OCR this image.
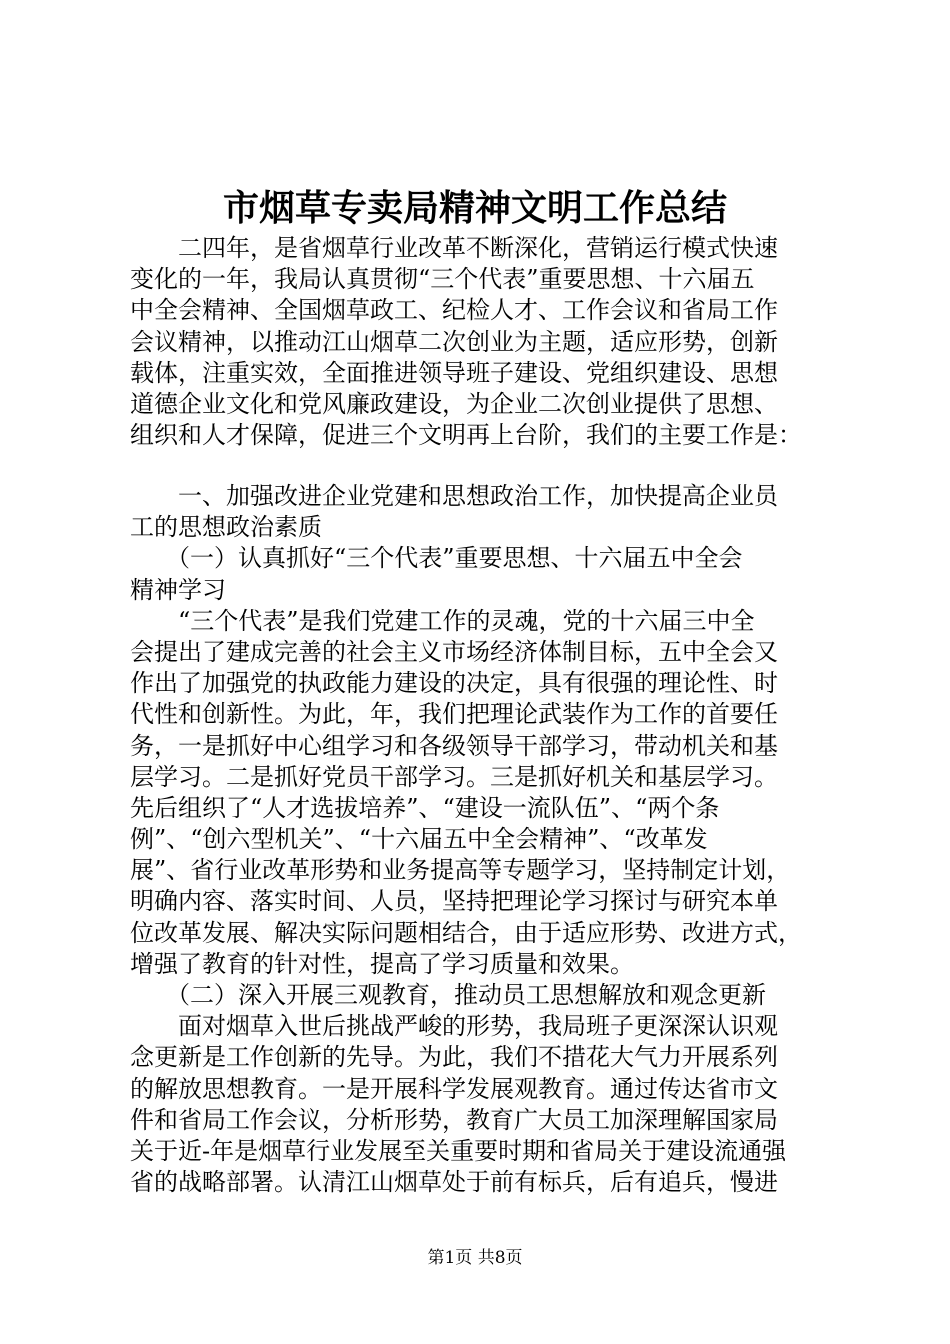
市烟草专卖局精神文明工作总结
　　二四年，是省烟草行业改革不断深化，营销运行模式快速
变化的一年，我局认真贯彻“三个代表”重要思想、十六届五
中全会精神、全国烟草政工、纪检人才、工作会议和省局工作
会议精神，以推动江山烟草二次创业为主题，适应形势，创新
载体，注重实效，全面推进领导班子建设、党组织建设、思想
道德企业文化和党风廉政建设，为企业二次创业提供了思想、
组织和人才保障，促进三个文明再上台阶，我们的主要工作是：
　　一、加强改进企业党建和思想政治工作，加快提高企业员
工的思想政治素质
　　（一）认真抓好“三个代表”重要思想、十六届五中全会
精神学习
　　“三个代表”是我们党建工作的灵魂，党的十六届三中全
会提出了建成完善的社会主义市场经济体制目标，五中全会又
作出了加强党的执政能力建设的决定，具有很强的理论性、时
代性和创新性。为此，年，我们把理论武装作为工作的首要任
务，一是抓好中心组学习和各级领导干部学习，带动机关和基
层学习。二是抓好党员干部学习。三是抓好机关和基层学习。
先后组织了“人才选拔培养”、“建设一流队伍”、“两个条
例”、“创六型机关”、“十六届五中全会精神”、“改革发
展”、省行业改革形势和业务提高等专题学习，坚持制定计划，
明确内容、落实时间、人员，坚持把理论学习探讨与研究本单
位改革发展、解决实际问题相结合，由于适应形势、改进方式，
增强了教育的针对性，提高了学习质量和效果。
　　（二）深入开展三观教育，推动员工思想解放和观念更新
　　面对烟草入世后挑战严峻的形势，我局班子更深深认识观
念更新是工作创新的先导。为此，我们不措花大气力开展系列
的解放思想教育。一是开展科学发展观教育。通过传达省市文
件和省局工作会议，分析形势，教育广大员工加深理解国家局
关于近-年是烟草行业发展至关重要时期和省局关于建设流通强
省的战略部署。认清江山烟草处于前有标兵，后有追兵，慢进
第1页 共8页
